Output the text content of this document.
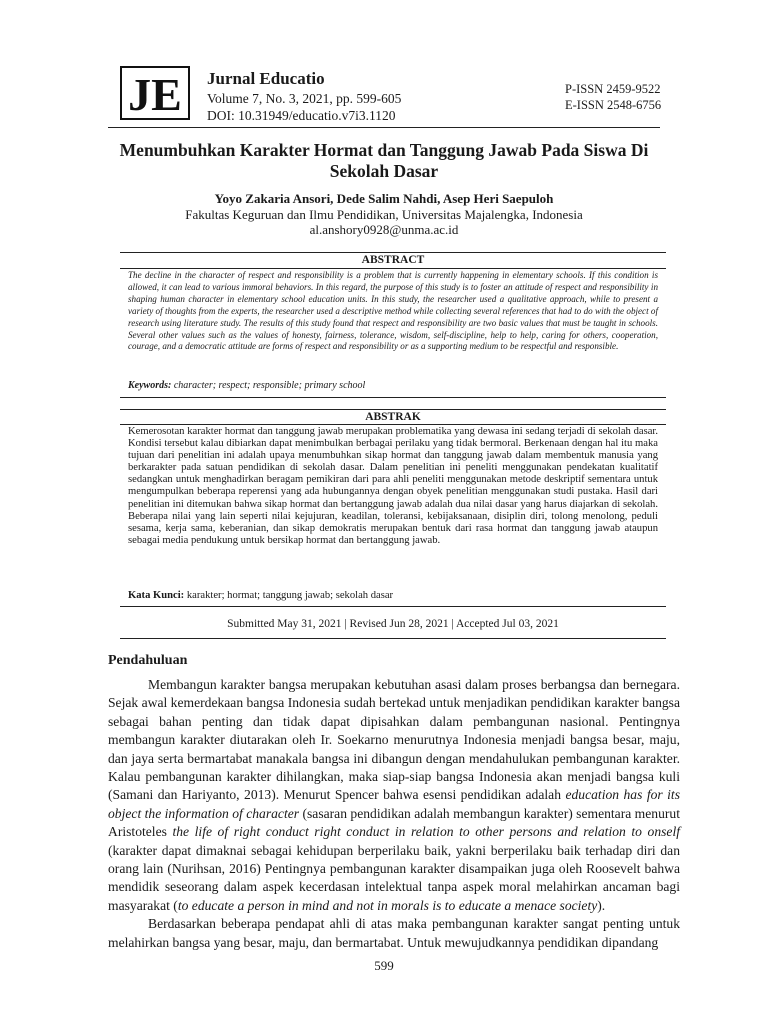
JE Jurnal Educatio
Volume 7, No. 3, 2021, pp. 599-605
DOI: 10.31949/educatio.v7i3.1120
P-ISSN 2459-9522
E-ISSN 2548-6756
Menumbuhkan Karakter Hormat dan Tanggung Jawab Pada Siswa Di Sekolah Dasar
Yoyo Zakaria Ansori, Dede Salim Nahdi, Asep Heri Saepuloh
Fakultas Keguruan dan Ilmu Pendidikan, Universitas Majalengka, Indonesia
al.anshory0928@unma.ac.id
ABSTRACT
The decline in the character of respect and responsibility is a problem that is currently happening in elementary schools. If this condition is allowed, it can lead to various immoral behaviors. In this regard, the purpose of this study is to foster an attitude of respect and responsibility in shaping human character in elementary school education units. In this study, the researcher used a qualitative approach, while to present a variety of thoughts from the experts, the researcher used a descriptive method while collecting several references that had to do with the object of research using literature study. The results of this study found that respect and responsibility are two basic values that must be taught in schools. Several other values such as the values of honesty, fairness, tolerance, wisdom, self-discipline, help to help, caring for others, cooperation, courage, and a democratic attitude are forms of respect and responsibility or as a supporting medium to be respectful and responsible.
Keywords: character; respect; responsible; primary school
ABSTRAK
Kemerosotan karakter hormat dan tanggung jawab merupakan problematika yang dewasa ini sedang terjadi di sekolah dasar. Kondisi tersebut kalau dibiarkan dapat menimbulkan berbagai perilaku yang tidak bermoral. Berkenaan dengan hal itu maka tujuan dari penelitian ini adalah upaya menumbuhkan sikap hormat dan tanggung jawab dalam membentuk manusia yang berkarakter pada satuan pendidikan di sekolah dasar. Dalam penelitian ini peneliti menggunakan pendekatan kualitatif sedangkan untuk menghadirkan beragam pemikiran dari para ahli peneliti menggunakan metode deskriptif sementara untuk mengumpulkan beberapa reperensi yang ada hubungannya dengan obyek penelitian menggunakan studi pustaka. Hasil dari penelitian ini ditemukan bahwa sikap hormat dan bertanggung jawab adalah dua nilai dasar yang harus diajarkan di sekolah. Beberapa nilai yang lain seperti nilai kejujuran, keadilan, toleransi, kebijaksanaan, disiplin diri, tolong menolong, peduli sesama, kerja sama, keberanian, dan sikap demokratis merupakan bentuk dari rasa hormat dan tanggung jawab ataupun sebagai media pendukung untuk bersikap hormat dan bertanggung jawab.
Kata Kunci: karakter; hormat; tanggung jawab; sekolah dasar
Submitted May 31, 2021 | Revised Jun 28, 2021 | Accepted Jul 03, 2021
Pendahuluan

Membangun karakter bangsa merupakan kebutuhan asasi dalam proses berbangsa dan bernegara. Sejak awal kemerdekaan bangsa Indonesia sudah bertekad untuk menjadikan pendidikan karakter bangsa sebagai bahan penting dan tidak dapat dipisahkan dalam pembangunan nasional. Pentingnya membangun karakter diutarakan oleh Ir. Soekarno menurutnya Indonesia menjadi bangsa besar, maju, dan jaya serta bermartabat manakala bangsa ini dibangun dengan mendahulukan pembangunan karakter. Kalau pembangunan karakter dihilangkan, maka siap-siap bangsa Indonesia akan menjadi bangsa kuli (Samani dan Hariyanto, 2013). Menurut Spencer bahwa esensi pendidikan adalah education has for its object the information of character (sasaran pendidikan adalah membangun karakter) sementara menurut Aristoteles the life of right conduct right conduct in relation to other persons and relation to onself (karakter dapat dimaknai sebagai kehidupan berperilaku baik, yakni berperilaku baik terhadap diri dan orang lain (Nurihsan, 2016) Pentingnya pembangunan karakter disampaikan juga oleh Roosevelt bahwa mendidik seseorang dalam aspek kecerdasan intelektual tanpa aspek moral melahirkan ancaman bagi masyarakat (to educate a person in mind and not in morals is to educate a menace society).

Berdasarkan beberapa pendapat ahli di atas maka pembangunan karakter sangat penting untuk melahirkan bangsa yang besar, maju, dan bermartabat. Untuk mewujudkannya pendidikan dipandang

599
